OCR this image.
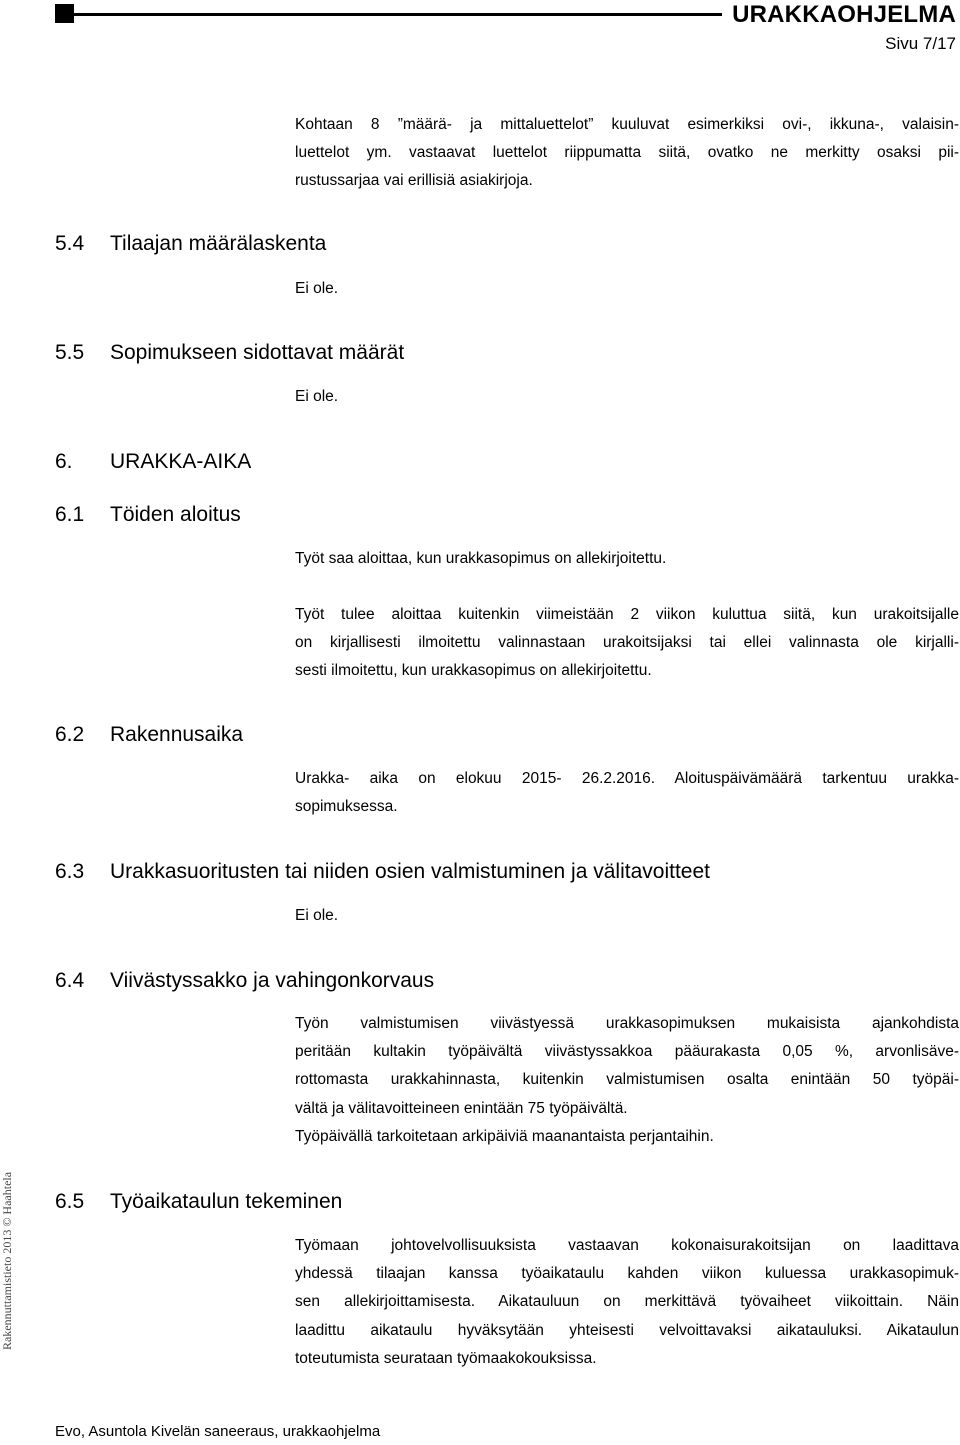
URAKKAOHJELMA
Sivu 7/17
Kohtaan 8 ”määrä- ja mittaluettelot” kuuluvat esimerkiksi ovi-, ikkuna-, valaisin-
luettelot ym. vastaavat luettelot riippumatta siitä, ovatko ne merkitty osaksi pii-
rustussarjaa vai erillisiä asiakirjoja.
5.4 Tilaajan määrälaskenta

Ei ole.

5.5 Sopimukseen sidottavat määrät

Ei ole.

6. URAKKA-AIKA
6.1 Töiden aloitus

Työt saa aloittaa, kun urakkasopimus on allekirjoitettu.

Työt tulee aloittaa kuitenkin viimeistään 2 viikon kuluttua siitä, kun urakoitsijalle
on kirjallisesti ilmoitettu valinnastaan urakoitsijaksi tai ellei valinnasta ole kirjalli-
sesti ilmoitettu, kun urakkasopimus on allekirjoitettu.
6.2 Rakennusaika
Urakka- aika on elokuu 2015- 26.2.2016. Aloituspäivämäärä tarkentuu urakka-
sopimuksessa.
6.3 Urakkasuoritusten tai niiden osien valmistuminen ja välitavoitteet

Ei ole.

6.4 Viivästyssakko ja vahingonkorvaus
Työn valmistumisen viivästyessä urakkasopimuksen mukaisista ajankohdista
peritään kultakin työpäivältä viivästyssakkoa pääurakasta 0,05 %, arvonlisäve-
rottomasta urakkahinnasta, kuitenkin valmistumisen osalta enintään 50 työpäi-
vältä ja välitavoitteineen enintään 75 työpäivältä.
Työpäivällä tarkoitetaan arkipäiviä maanantaista perjantaihin.
6.5 Työaikataulun tekeminen
Työmaan johtovelvollisuuksista vastaavan kokonaisurakoitsijan on laadittava
yhdessä tilaajan kanssa työaikataulu kahden viikon kuluessa urakkasopimuk-
sen allekirjoittamisesta. Aikatauluun on merkittävä työvaiheet viikoittain. Näin
laadittu aikataulu hyväksytään yhteisesti velvoittavaksi aikatauluksi. Aikataulun
toteutumista seurataan työmaakokouksissa.
Rakennuttamistieto 2013 © Haahtela
Evo, Asuntola Kivelän saneeraus, urakkaohjelma
